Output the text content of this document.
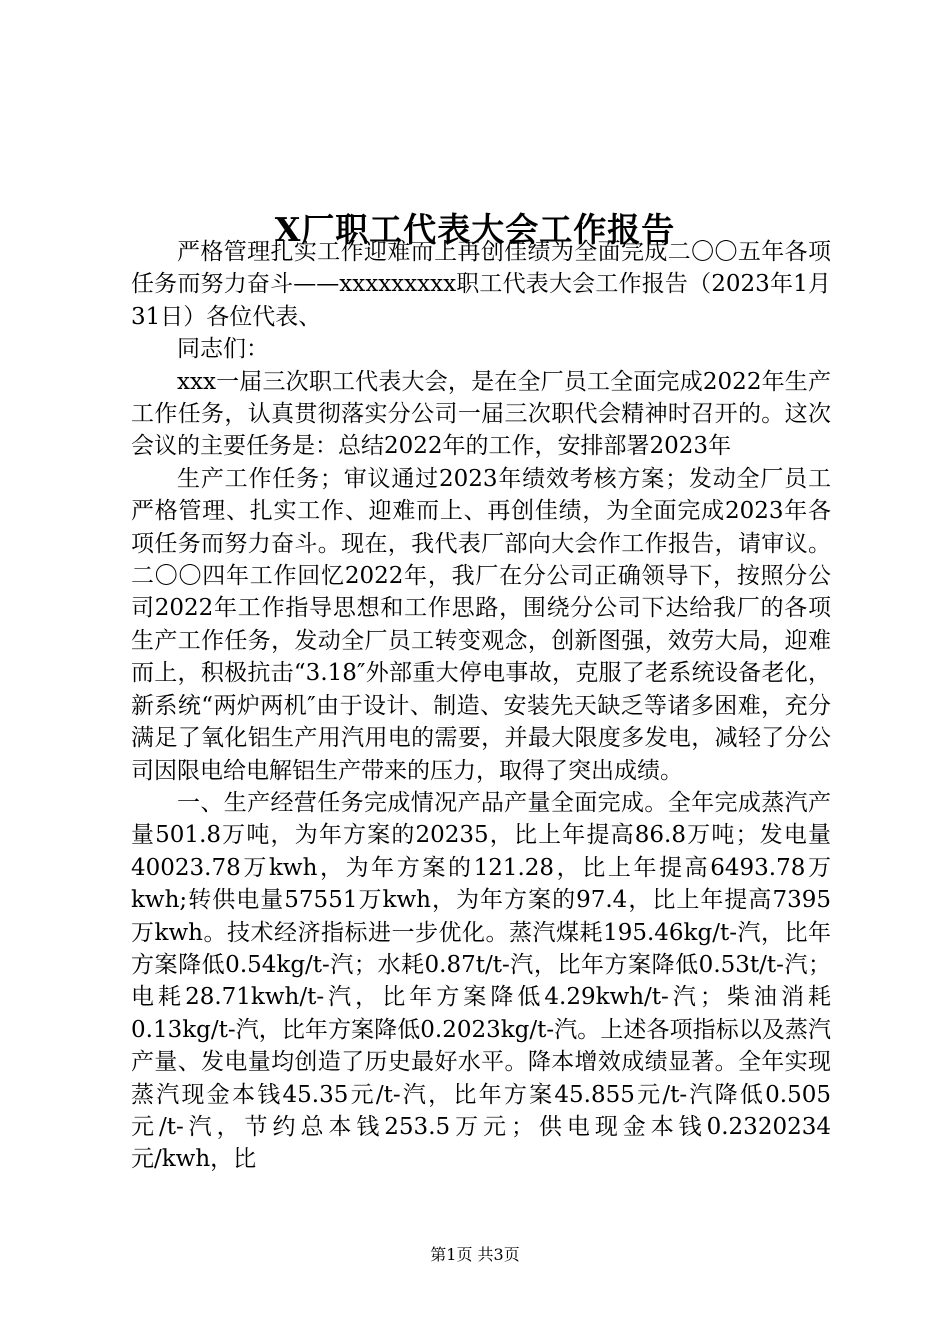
X厂职工代表大会工作报告

严格管理扎实工作迎难而上再创佳绩为全面完成二〇〇五年各项任务而努力奋斗——xxxxxxxxx职工代表大会工作报告（2023年1月31日）各位代表、

同志们：

xxx一届三次职工代表大会，是在全厂员工全面完成2022年生产工作任务，认真贯彻落实分公司一届三次职代会精神时召开的。这次会议的主要任务是：总结2022年的工作，安排部署2023年

生产工作任务；审议通过2023年绩效考核方案；发动全厂员工严格管理、扎实工作、迎难而上、再创佳绩，为全面完成2023年各项任务而努力奋斗。现在，我代表厂部向大会作工作报告，请审议。二〇〇四年工作回忆2022年，我厂在分公司正确领导下，按照分公司2022年工作指导思想和工作思路，围绕分公司下达给我厂的各项生产工作任务，发动全厂员工转变观念，创新图强，效劳大局，迎难而上，积极抗击“3.18″外部重大停电事故，克服了老系统设备老化，新系统“两炉两机″由于设计、制造、安装先天缺乏等诸多困难，充分满足了氧化铝生产用汽用电的需要，并最大限度多发电，减轻了分公司因限电给电解铝生产带来的压力，取得了突出成绩。

一、生产经营任务完成情况产品产量全面完成。全年完成蒸汽产量501.8万吨，为年方案的20235，比上年提高86.8万吨；发电量40023.78万kwh，为年方案的121.28，比上年提高6493.78万kwh;转供电量57551万kwh，为年方案的97.4，比上年提高7395万kwh。技术经济指标进一步优化。蒸汽煤耗195.46kg/t-汽，比年方案降低0.54kg/t-汽；水耗0.87t/t-汽，比年方案降低0.53t/t-汽；电耗28.71kwh/t-汽，比年方案降低4.29kwh/t-汽；柴油消耗0.13kg/t-汽，比年方案降低0.2023kg/t-汽。上述各项指标以及蒸汽产量、发电量均创造了历史最好水平。降本增效成绩显著。全年实现蒸汽现金本钱45.35元/t-汽，比年方案45.855元/t-汽降低0.505元/t-汽，节约总本钱253.5万元；供电现金本钱0.2320234元/kwh，比

第1页 共3页
